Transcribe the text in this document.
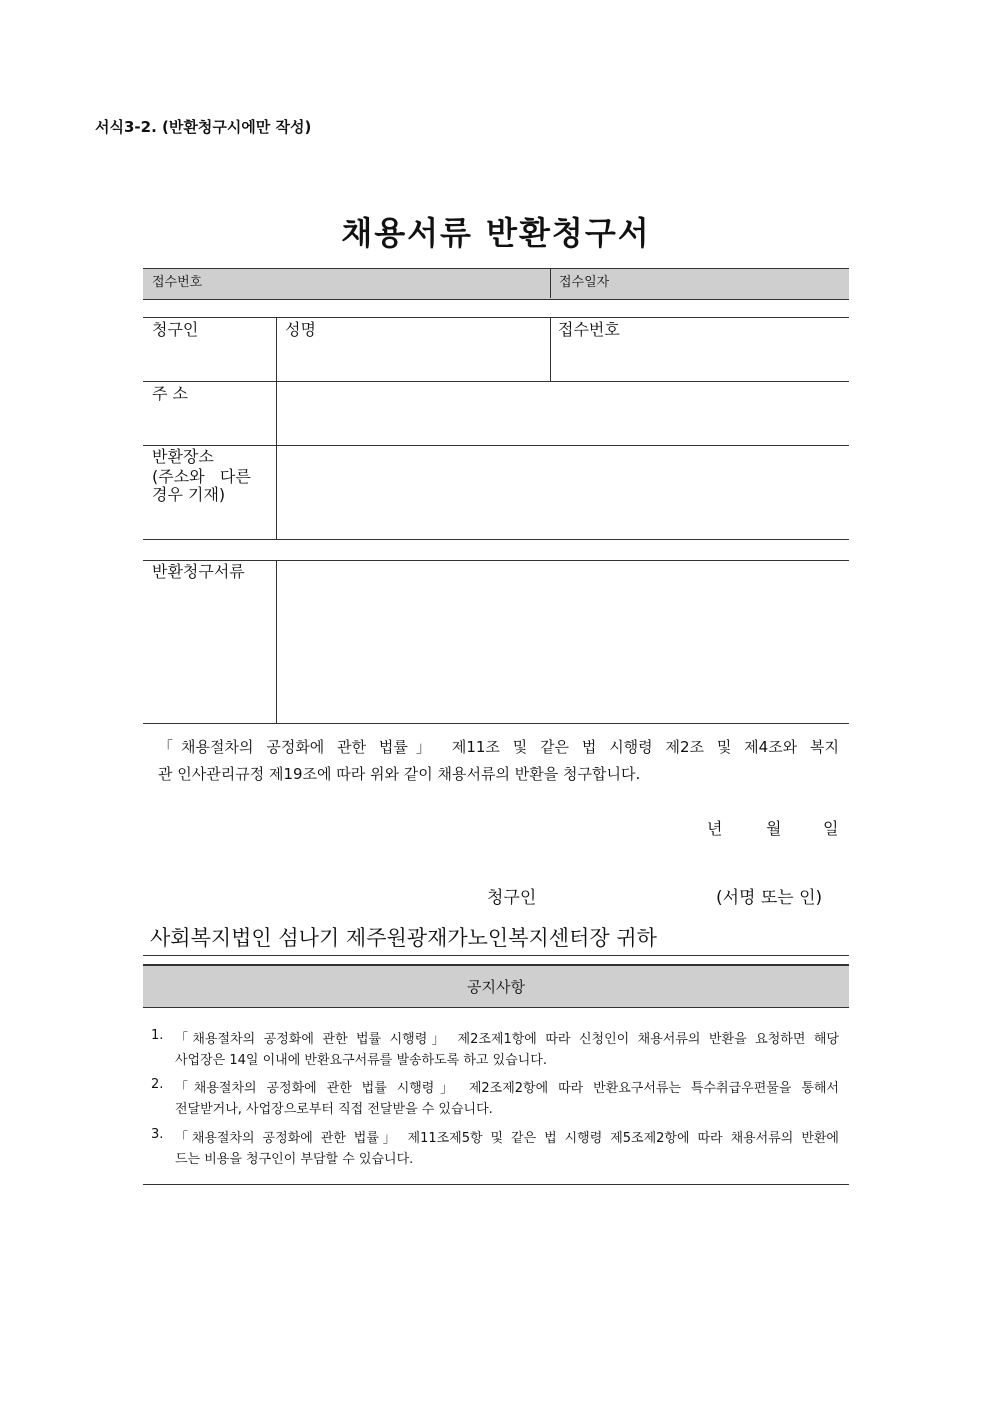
서식3-2. (반환청구시에만 작성)
채용서류 반환청구서
접수번호	접수일자
청구인	성명	접수번호
주 소
반환장소
(주소와   다른
경우 기재)
반환청구서류
「채용절차의 공정화에 관한 법률」 제11조 및 같은 법 시행령 제2조 및 제4조와 복지
관 인사관리규정 제19조에 따라 위와 같이 채용서류의 반환을 청구합니다.
년	월	일
청구인	(서명 또는 인)
사회복지법인 섬나기 제주원광재가노인복지센터장 귀하
공지사항
1. 「채용절차의 공정화에 관한 법률 시행령」 제2조제1항에 따라 신청인이 채용서류의 반환을 요청하면 해당
사업장은 14일 이내에 반환요구서류를 발송하도록 하고 있습니다.
2. 「채용절차의 공정화에 관한 법률 시행령」 제2조제2항에 따라 반환요구서류는 특수취급우편물을 통해서
전달받거나, 사업장으로부터 직접 전달받을 수 있습니다.
3. 「채용절차의 공정화에 관한 법률」 제11조제5항 및 같은 법 시행령 제5조제2항에 따라 채용서류의 반환에
드는 비용을 청구인이 부담할 수 있습니다.
